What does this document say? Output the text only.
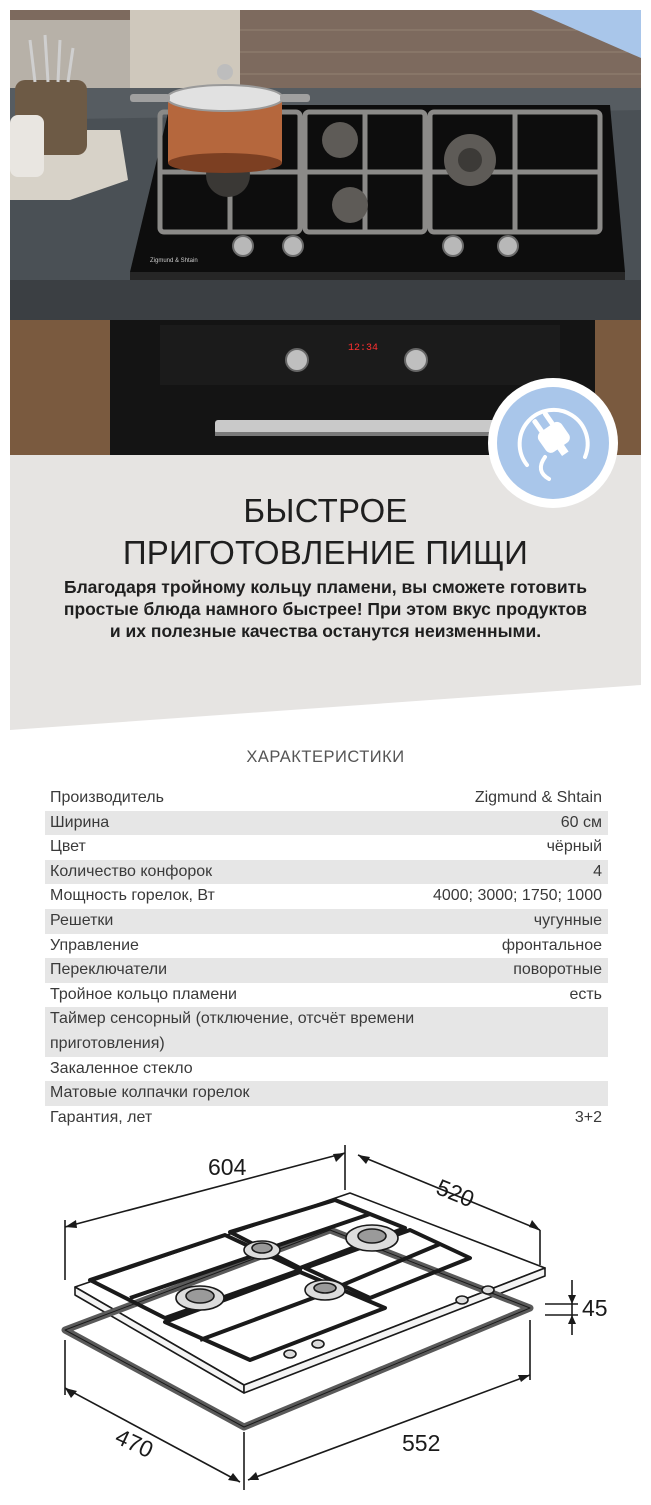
12:34
Zigmund & Shtain
БЫСТРОЕ
ПРИГОТОВЛЕНИЕ ПИЩИ
Благодаря тройному кольцу пламени, вы сможете готовить
простые блюда намного быстрее! При этом вкус продуктов
и их полезные качества останутся неизменными.
ХАРАКТЕРИСТИКИ
Производитель	Zigmund & Shtain
Ширина	60 см
Цвет	чёрный
Количество конфорок	4
Мощность горелок, Вт	4000; 3000; 1750; 1000
Решетки	чугунные
Управление	фронтальное
Переключатели	поворотные
Тройное кольцо пламени	есть
Таймер сенсорный (отключение, отсчёт времени приготовления)
Закаленное стекло
Матовые колпачки горелок
Гарантия, лет	3+2
604
520
45
470	552
